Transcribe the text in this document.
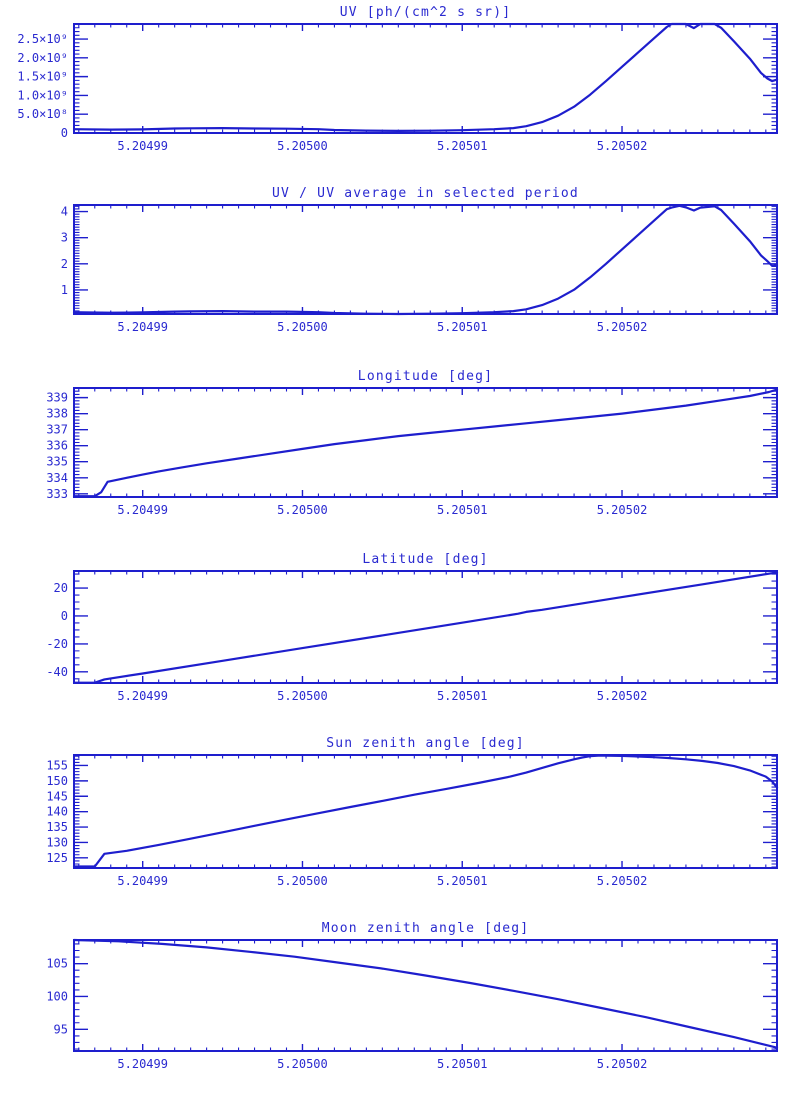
UV [ph/(cm^2 s sr)]
5.20499	5.20500	5.20501	5.20502
0
5.0×10⁸
1.0×10⁹
1.5×10⁹
2.0×10⁹
2.5×10⁹
UV / UV average in selected period
5.20499	5.20500	5.20501	5.20502
1
2
3
4
Longitude [deg]
5.20499	5.20500	5.20501	5.20502
333
334
335
336
337
338
339
Latitude [deg]
5.20499	5.20500	5.20501	5.20502
-40
-20
0
20
Sun zenith angle [deg]
5.20499	5.20500	5.20501	5.20502
125
130
135
140
145
150
155
Moon zenith angle [deg]
5.20499	5.20500	5.20501	5.20502
95
100
105
